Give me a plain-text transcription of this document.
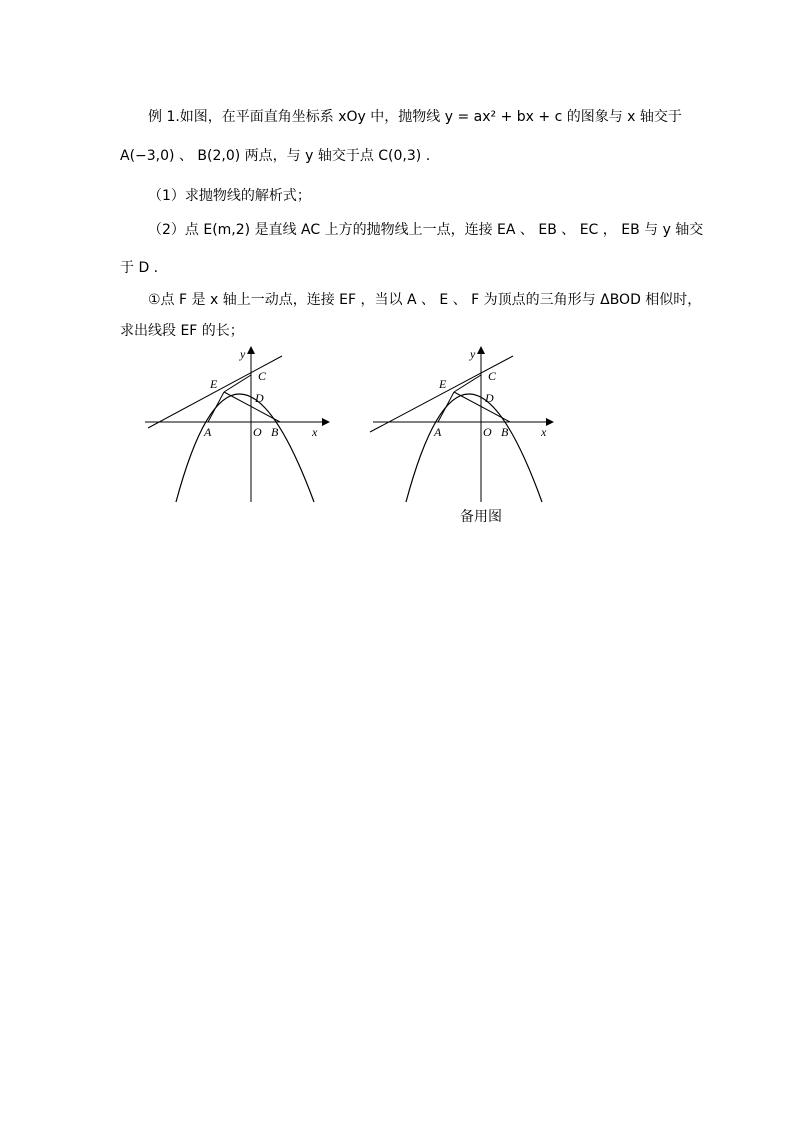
例 1.如图，在平面直角坐标系 xOy 中，抛物线 y = ax² + bx + c 的图象与 x 轴交于
A(−3,0) 、 B(2,0) 两点，与 y 轴交于点 C(0,3) .
（1）求抛物线的解析式；
（2）点 E(m,2) 是直线 AC 上方的抛物线上一点，连接 EA 、 EB 、 EC ， EB 与 y 轴交
于 D .
①点 F 是 x 轴上一动点，连接 EF ，当以 A 、 E 、 F 为顶点的三角形与 ΔBOD 相似时，
求出线段 EF 的长；
y
C
E
D
A	O B	x
y
C
E
D
A	O B	x
备用图
